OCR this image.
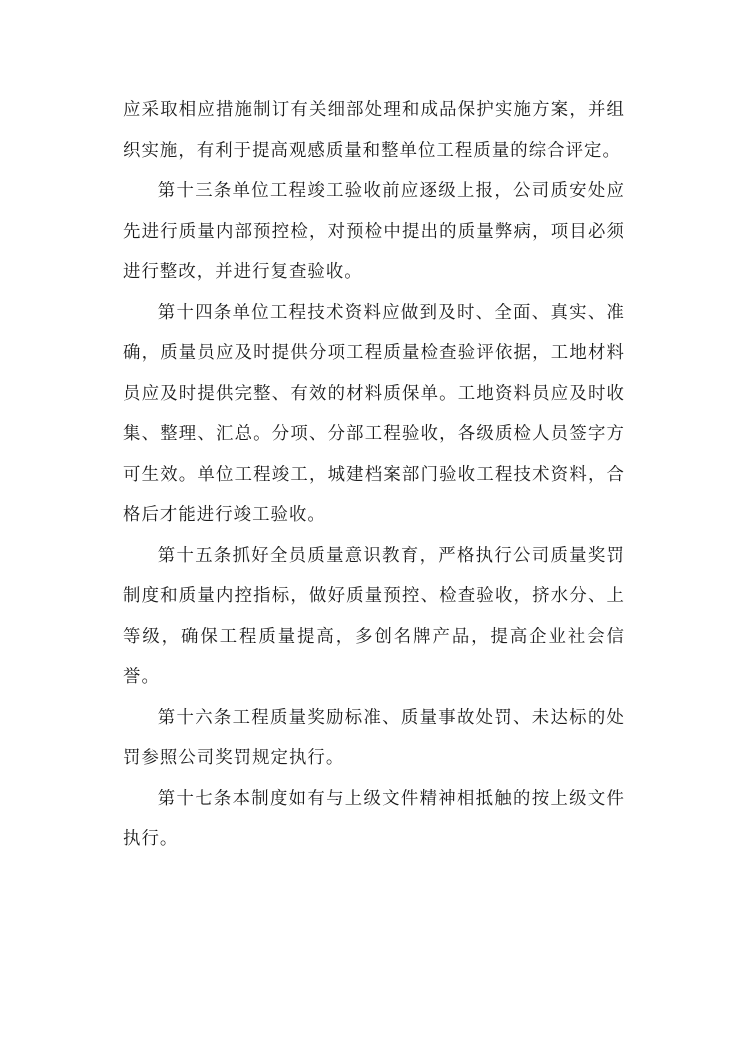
应采取相应措施制订有关细部处理和成品保护实施方案，并组织实施，有利于提高观感质量和整单位工程质量的综合评定。

第十三条单位工程竣工验收前应逐级上报，公司质安处应先进行质量内部预控检，对预检中提出的质量弊病，项目必须进行整改，并进行复查验收。

第十四条单位工程技术资料应做到及时、全面、真实、准确，质量员应及时提供分项工程质量检查验评依据，工地材料员应及时提供完整、有效的材料质保单。工地资料员应及时收集、整理、汇总。分项、分部工程验收，各级质检人员签字方可生效。单位工程竣工，城建档案部门验收工程技术资料，合格后才能进行竣工验收。

第十五条抓好全员质量意识教育，严格执行公司质量奖罚制度和质量内控指标，做好质量预控、检查验收，挤水分、上等级，确保工程质量提高，多创名牌产品，提高企业社会信誉。

第十六条工程质量奖励标准、质量事故处罚、未达标的处罚参照公司奖罚规定执行。

第十七条本制度如有与上级文件精神相抵触的按上级文件执行。
